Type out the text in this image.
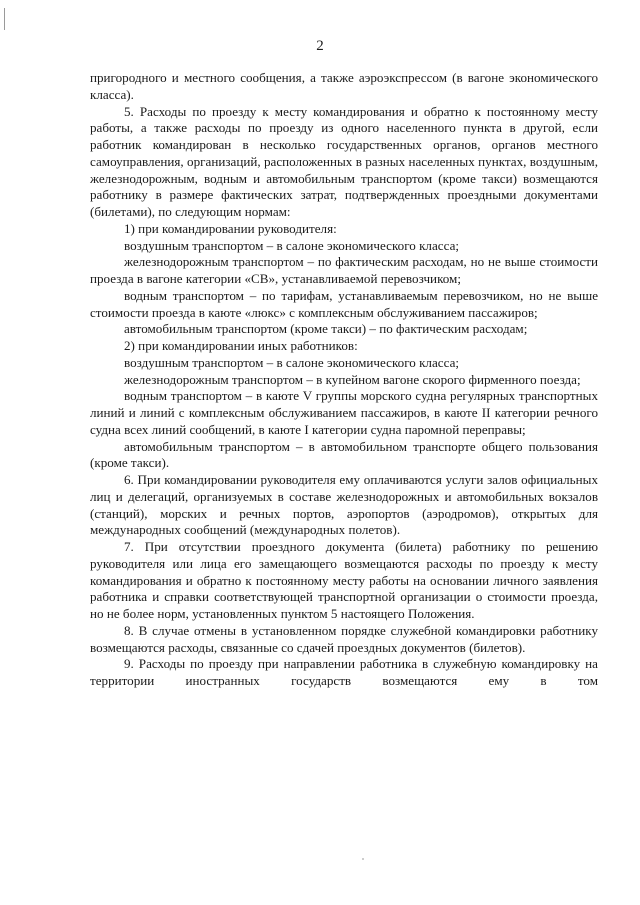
2

пригородного и местного сообщения, а также аэроэкспрессом (в вагоне экономического класса).

5. Расходы по проезду к месту командирования и обратно к постоянному месту работы, а также расходы по проезду из одного населенного пункта в другой, если работник командирован в несколько государственных органов, органов местного самоуправления, организаций, расположенных в разных населенных пунктах, воздушным, железнодорожным, водным и автомобильным транспортом (кроме такси) возмещаются работнику в размере фактических затрат, подтвержденных проездными документами (билетами), по следующим нормам:

1) при командировании руководителя:

воздушным транспортом – в салоне экономического класса;

железнодорожным транспортом – по фактическим расходам, но не выше стоимости проезда в вагоне категории «СВ», устанавливаемой перевозчиком;

водным транспортом – по тарифам, устанавливаемым перевозчиком, но не выше стоимости проезда в каюте «люкс» с комплексным обслуживанием пассажиров;

автомобильным транспортом (кроме такси) – по фактическим расходам;

2) при командировании иных работников:

воздушным транспортом – в салоне экономического класса;

железнодорожным транспортом – в купейном вагоне скорого фирменного поезда;

водным транспортом – в каюте V группы морского судна регулярных транспортных линий и линий с комплексным обслуживанием пассажиров, в каюте II категории речного судна всех линий сообщений, в каюте I категории судна паромной переправы;

автомобильным транспортом – в автомобильном транспорте общего пользования (кроме такси).

6. При командировании руководителя ему оплачиваются услуги залов официальных лиц и делегаций, организуемых в составе железнодорожных и автомобильных вокзалов (станций), морских и речных портов, аэропортов (аэродромов), открытых для международных сообщений (международных полетов).

7. При отсутствии проездного документа (билета) работнику по решению руководителя или лица его замещающего возмещаются расходы по проезду к месту командирования и обратно к постоянному месту работы на основании личного заявления работника и справки соответствующей транспортной организации о стоимости проезда, но не более норм, установленных пунктом 5 настоящего Положения.

8. В случае отмены в установленном порядке служебной командировки работнику возмещаются расходы, связанные со сдачей проездных документов (билетов).

9. Расходы по проезду при направлении работника в служебную командировку на территории иностранных государств возмещаются ему в том
